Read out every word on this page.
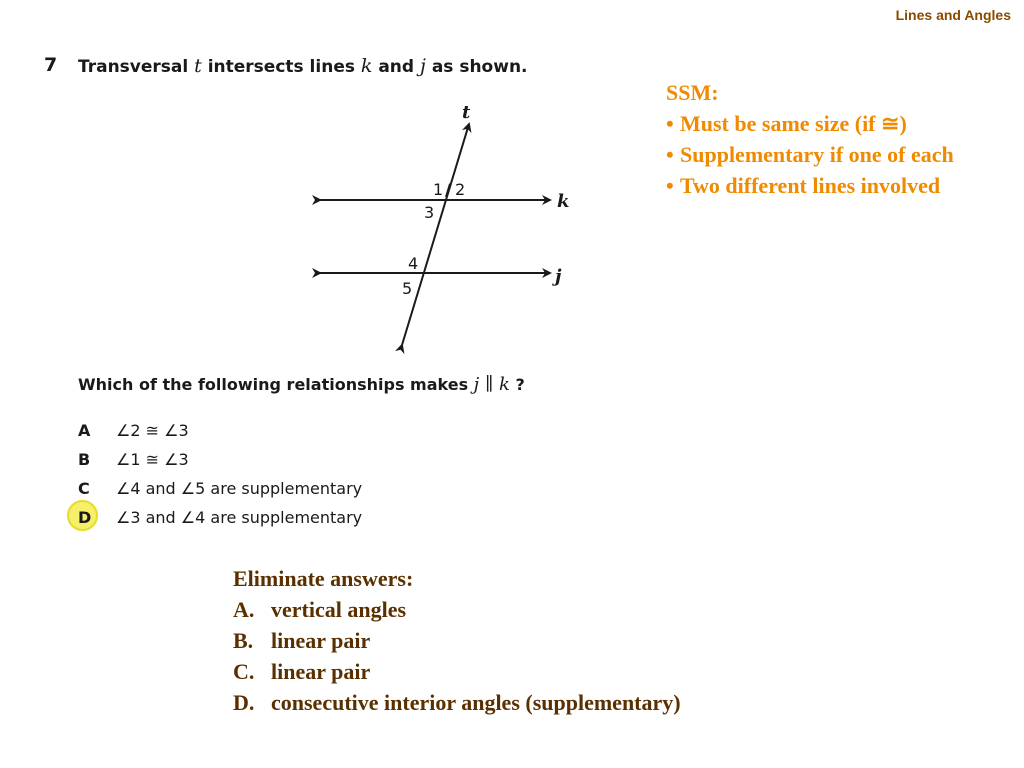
Lines and Angles
7 Transversal t intersects lines k and j as shown.
t
k
j
1 / 2
3
4
5
Which of the following relationships makes j ∥ k ?
A	∠2 ≅ ∠3
B	∠1 ≅ ∠3
C	∠4 and ∠5 are supplementary
D	∠3 and ∠4 are supplementary
SSM:
• Must be same size (if ≅)
• Supplementary if one of each
• Two different lines involved
Eliminate answers:
A. vertical angles
B. linear pair
C. linear pair
D. consecutive interior angles (supplementary)
